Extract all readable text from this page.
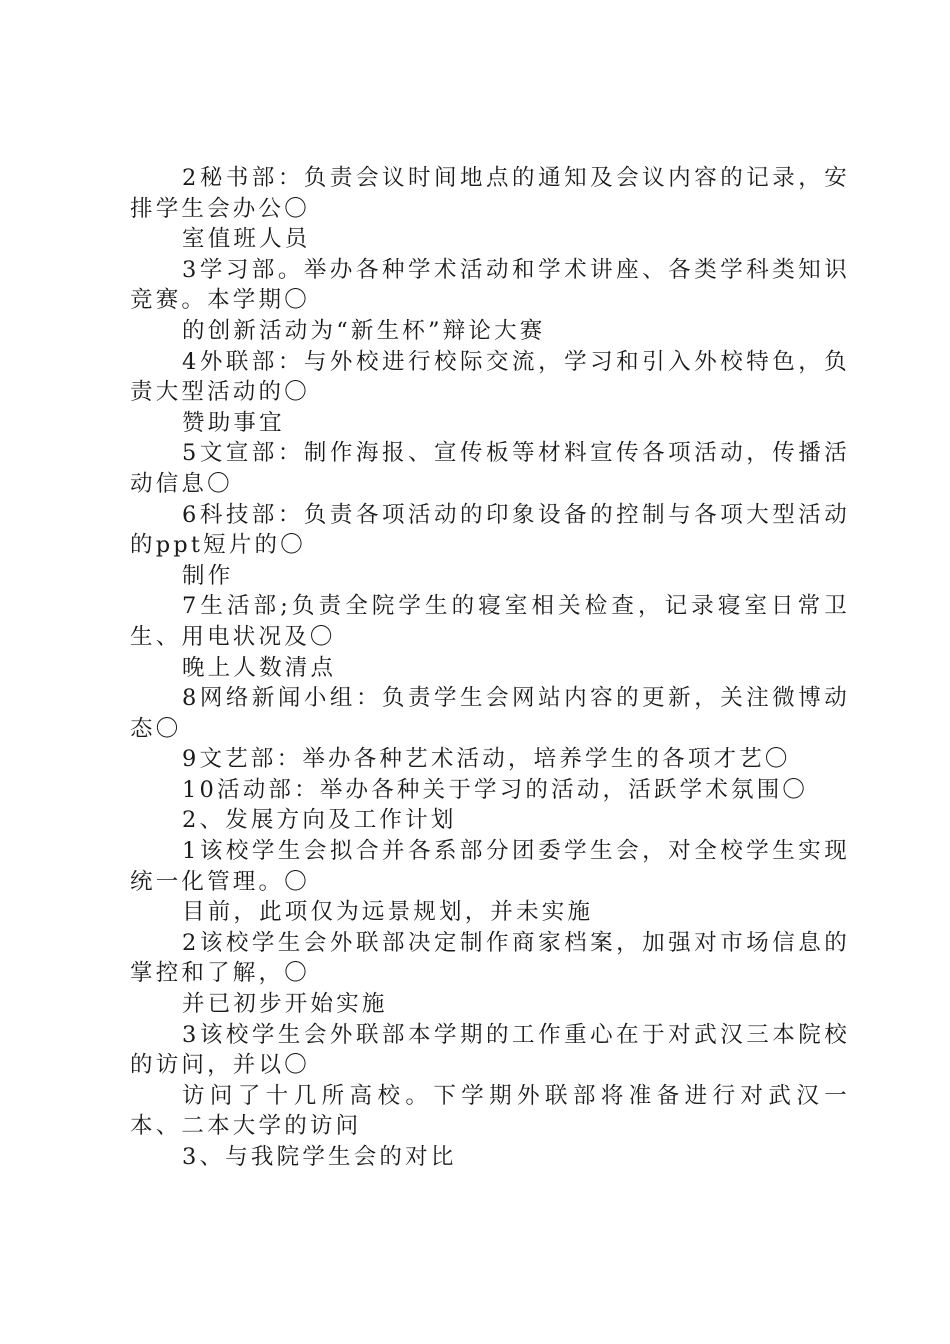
2秘书部：负责会议时间地点的通知及会议内容的记录，安排学生会办公〇

室值班人员

3学习部。举办各种学术活动和学术讲座、各类学科类知识竞赛。本学期〇

的创新活动为“新生杯”辩论大赛

4外联部：与外校进行校际交流，学习和引入外校特色，负责大型活动的〇

赞助事宜

5文宣部：制作海报、宣传板等材料宣传各项活动，传播活动信息〇

6科技部：负责各项活动的印象设备的控制与各项大型活动的ppt短片的〇

制作

7生活部;负责全院学生的寝室相关检查，记录寝室日常卫生、用电状况及〇

晚上人数清点

8网络新闻小组：负责学生会网站内容的更新，关注微博动态〇

9文艺部：举办各种艺术活动，培养学生的各项才艺〇

10活动部：举办各种关于学习的活动，活跃学术氛围〇

2、发展方向及工作计划

1该校学生会拟合并各系部分团委学生会，对全校学生实现统一化管理。〇

目前，此项仅为远景规划，并未实施

2该校学生会外联部决定制作商家档案，加强对市场信息的掌控和了解，〇

并已初步开始实施

3该校学生会外联部本学期的工作重心在于对武汉三本院校的访问，并以〇

访问了十几所高校。下学期外联部将准备进行对武汉一本、二本大学的访问

3、与我院学生会的对比
